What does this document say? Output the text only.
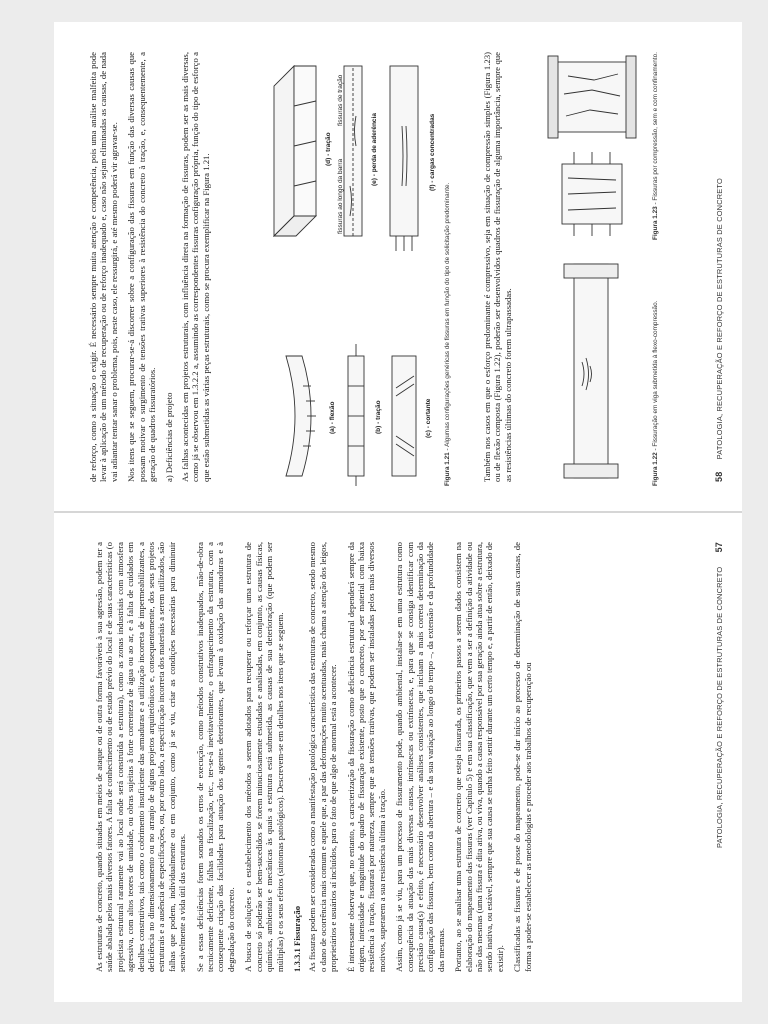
As estruturas de concreto, quando situadas em meios de ataque ou de outra forma favoráveis à sua agressão, podem ter a saúde abalada pelos mais diversos fatores. A falta de conhecimento ou de estudo prévio do local e de suas características (o projetista estrutural raramente vai ao local onde será construída a estrutura), como as zonas industriais com atmosfera agressiva, com altos teores de umidade, ou obras sujeitas à forte correnteza de água ou ao ar, e à falta de cuidados em detalhes construtivos, tais como o cobrimento insuficiente das armaduras e a utilização incorreta de impermeabilizantes, a deficiência no dimensionamento ou no arranjo de alguns projetos arquitetônicos e, consequentemente, dos seus projetos estruturais e a ausência de especificações, ou, por outro lado, a especificação incorreta dos materiais a serem utilizados, são falhas que podem, individualmente ou em conjunto, como já se viu, criar as condições necessárias para diminuir sensivelmente a vida útil das estruturas. Se a essas deficiências forem somados os erros de execução, como métodos construtivos inadequados, mão-de-obra tecnicamente deficiente, falhas na fiscalização, etc., ter-se-á inevitavelmente, o enfraquecimento da estrutura, com a consequente criação das facilidades para atuação dos agentes deteriorantes, que levam à oxidação das armaduras e à degradação do concreto. A busca de soluções e o estabelecimento dos métodos a serem adotados para recuperar ou reforçar uma estrutura de concreto só poderão ser bem-sucedidos se forem minuciosamente estudadas e analisadas, em conjunto, as causas físicas, químicas, ambientais e mecânicas às quais a estrutura está submetida, as causas de sua deterioração (que podem ser múltiplas) e os seus efeitos (sintomas patológicos). Descrevem-se em detalhes nos itens que se seguem. 1.3.3.1 Fissuração As fissuras podem ser consideradas como a manifestação patológica característica das estruturas de concreto, sendo mesmo o dano de ocorrência mais comum e aquele que, a par das deformações muito acentuadas, mais chama a atenção dos leigos, proprietários e usuários aí incluídos, para o fato de que algo de anormal está a acontecer. É interessante observar que, no entanto, a caracterização da fissuração como deficiência estrutural dependerá sempre da origem, intensidade e magnitude do quadro de fissuração existente, posto que o concreto, por ser material com baixa resistência à tração, fissurará por natureza, sempre que as tensões trativas, que podem ser instaladas pelos mais diversos motivos, superarem a sua resistência última à tração. Assim, como já se viu, para um processo de fissuramento pode, quando ambiental, instalar-se em uma estrutura como consequência da atuação das mais diversas causas, intrínsecas ou extrínsecas, e, para que se consiga identificar com precisão causa(s) e efeito, é necessário desenvolver análises consistentes, que incluam a mais correta determinação da configuração das fissuras, bem como da abertura – e da sua variação ao longo do tempo –, da extensão e da profundidade das mesmas. Portanto, ao se analisar uma estrutura de concreto que esteja fissurada, os primeiros passos a serem dados consistem na elaboração do mapeamento das fissuras (ver Capítulo 5) e em sua classificação, que vem a ser a definição da atividade ou não das mesmas (uma fissura é dita ativa, ou viva, quando a causa responsável por sua geração ainda atua sobre a estrutura, sendo inativa, ou estável, sempre que sua causa se tenha feito sentir durante um certo tempo e, a partir de então, deixado de existir). Classificadas as fissuras e de posse do mapeamento, pode-se dar início ao processo de determinação de suas causas, de forma a poder-se estabelecer as metodologias e proceder aos trabalhos de recuperação ou	PATOLOGIA, RECUPERAÇÃO E REFORÇO DE ESTRUTURAS DE CONCRETO 57

de reforço, como a situação o exigir. É necessário sempre muita atenção e competência, pois uma análise malfeita pode levar à aplicação de um método de recuperação ou de reforço inadequado e, caso não sejam eliminadas as causas, de nada vai adiantar tentar sanar o problema, pois, neste caso, ele ressurgirá, e até mesmo poderá vir agravar-se. Nos itens que se seguem, procurar-se-á discorrer sobre a configuração das fissuras em função das diversas causas que possam motivar o surgimento de tensões trativas superiores à resistência do concreto à tração, e, consequentemente, a geração de quadros fissuratórios. a) Deficiências de projeto As falhas acontecidas em projetos estruturais, com influência direta na formação de fissuras, podem ser as mais diversas, como já se observou em 1.3.2.2 a, assumindo as correspondentes fissuras configuração própria, função do tipo de esforço a que estão submetidas as várias peças estruturais, como se procura exemplificar na Figura 1.21.	(a) - flexão	(b) - tração	(c) - cortante
(d) - tração	(e) - perda de aderência	(f) - cargas concentradas
fissuras de tração
fissuras ao longo da barra
Figura 1.21 - Algumas configurações genéricas de fissuras em função do tipo de solicitação predominante.	Também nos casos em que o esforço predominante é compressivo, seja em situação de compressão simples (Figura 1.23) ou de flexão composta (Figura 1.22), poderão ser desenvolvidos quadros de fissuração de alguma importância, sempre que as resistências últimas do concreto forem ultrapassadas.	Figura 1.22 - Fissuração em viga submetida à flexo-compressão.
Figura 1.23 - Fissuras por compressão, sem e com confinamento.
58 PATOLOGIA, RECUPERAÇÃO E REFORÇO DE ESTRUTURAS DE CONCRETO
